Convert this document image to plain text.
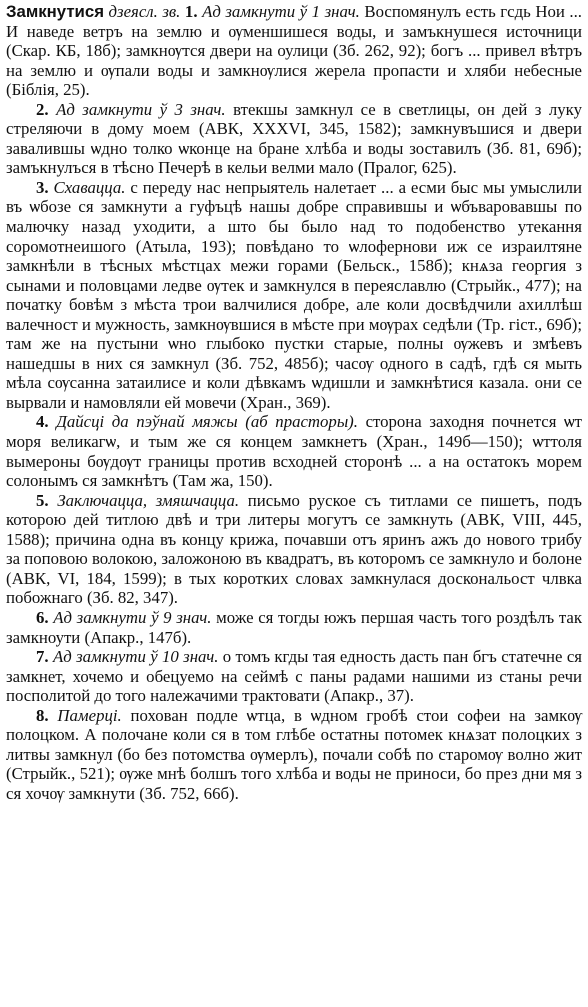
Замкнутися дзеясл. зв. 1. Ад замкнути ў 1 знач. Воспомянулъ есть гсдь Нои ... И наведе ветръ на землю и ѹменшишеся воды, и замъкнушеся источници (Скар. КБ, 18б); замкнѹтся двери на оулици (Зб. 262, 92); богъ ... привел вѣтръ на землю и ѹпали воды и замкнѹлися жерела пропасти и хляби небесные (Біблія, 25).

2. Ад замкнути ў 3 знач. втекшы замкнул се в светлицы, он дей з луку стреляючи в дому моем (АВК, XXXVI, 345, 1582); замкнувъшися и двери завалившы ѡдно толко ѡконце на бране хлѣба и воды зоставилъ (Зб. 81, 69б); замъкнулъся в тѣсно Печерѣ в кельи велми мало (Пралог, 625).

3. Схавацца. с переду нас непрыятель налетает ... а есми быс мы умыслили въ ѡбозе ся замкнути а гуфъцѣ нашы добре справившы и ѡбъваровавшы по малючку назад уходити, а што бы было над то подобенство утекання соромотнеишого (Атыла, 193); повѣдано то ѡлофернови иж се израилтяне замкнѣли в тѣсных мѣстцах межи горами (Бельск., 158б); кнѧза георгия з сынами и половцами ледве ѹтек и замкнулся в переяславлю (Стрыйк., 477); на початку бовѣм з мѣста трои валчилися добре, але коли досвѣдчили ахиллѣш валечност и мужность, замкнѹвшися в мѣсте при мѹрах седѣли (Тр. гіст., 69б); там же на пустыни ѡно глыбоко пустки старые, полны ѹжевъ и змѣевъ нашедшы в них ся замкнул (Зб. 752, 485б); часѹ одного в садѣ, гдѣ ся мыть мѣла сѹсанна затаилисе и коли дѣвкамъ ѡдишли и замкнѣтися казала. они се вырвали и намовляли ей мовечи (Хран., 369).

4. Дайсці да пэўнай мяжы (аб прасторы). сторона заходня почнется ѡт моря великагѡ, и тым же ся концем замкнетъ (Хран., 149б—150); ѡттоля вымероны бѹдѹт границы против всходней сторонѣ ... а на остатокъ морем солонымъ ся замкнѣтъ (Там жа, 150).

5. Заключацца, змяшчацца. письмо руское съ титлами се пишетъ, подъ которою дей титлою двѣ и три литеры могутъ се замкнуть (АВК, VIII, 445, 1588); причина одна въ концу крижа, почавши отъ яринъ ажъ до нового трибу за поповою волокою, заложоною въ квадратъ, въ которомъ се замкнуло и болоне (АВК, VI, 184, 1599); в тых коротких словах замкнулася доскональост члвка побожнаго (Зб. 82, 347).

6. Ад замкнути ў 9 знач. може ся тогды южъ першая часть того роздѣлъ так замкноути (Апакр., 147б).

7. Ад замкнути ў 10 знач. о томъ кгды тая едность дасть пан бгъ статечне ся замкнет, хочемо и обецуемо на сеймѣ с паны радами нашими из станы речи посполитой до того належачими трактовати (Апакр., 37).

8. Памерці. похован подле ѡтца, в ѡдном гробѣ стои софеи на замкѹ полоцком. А полочане коли ся в том глѣбе остатны потомек кнѧзат полоцких з литвы замкнул (бо без потомства ѹмерлъ), почали собѣ по старомѹ волно жит (Стрыйк., 521); ѹже мнѣ болшъ того хлѣба и воды не приноси, бо през дни мя з ся хочѹ замкнути (Зб. 752, 66б).
